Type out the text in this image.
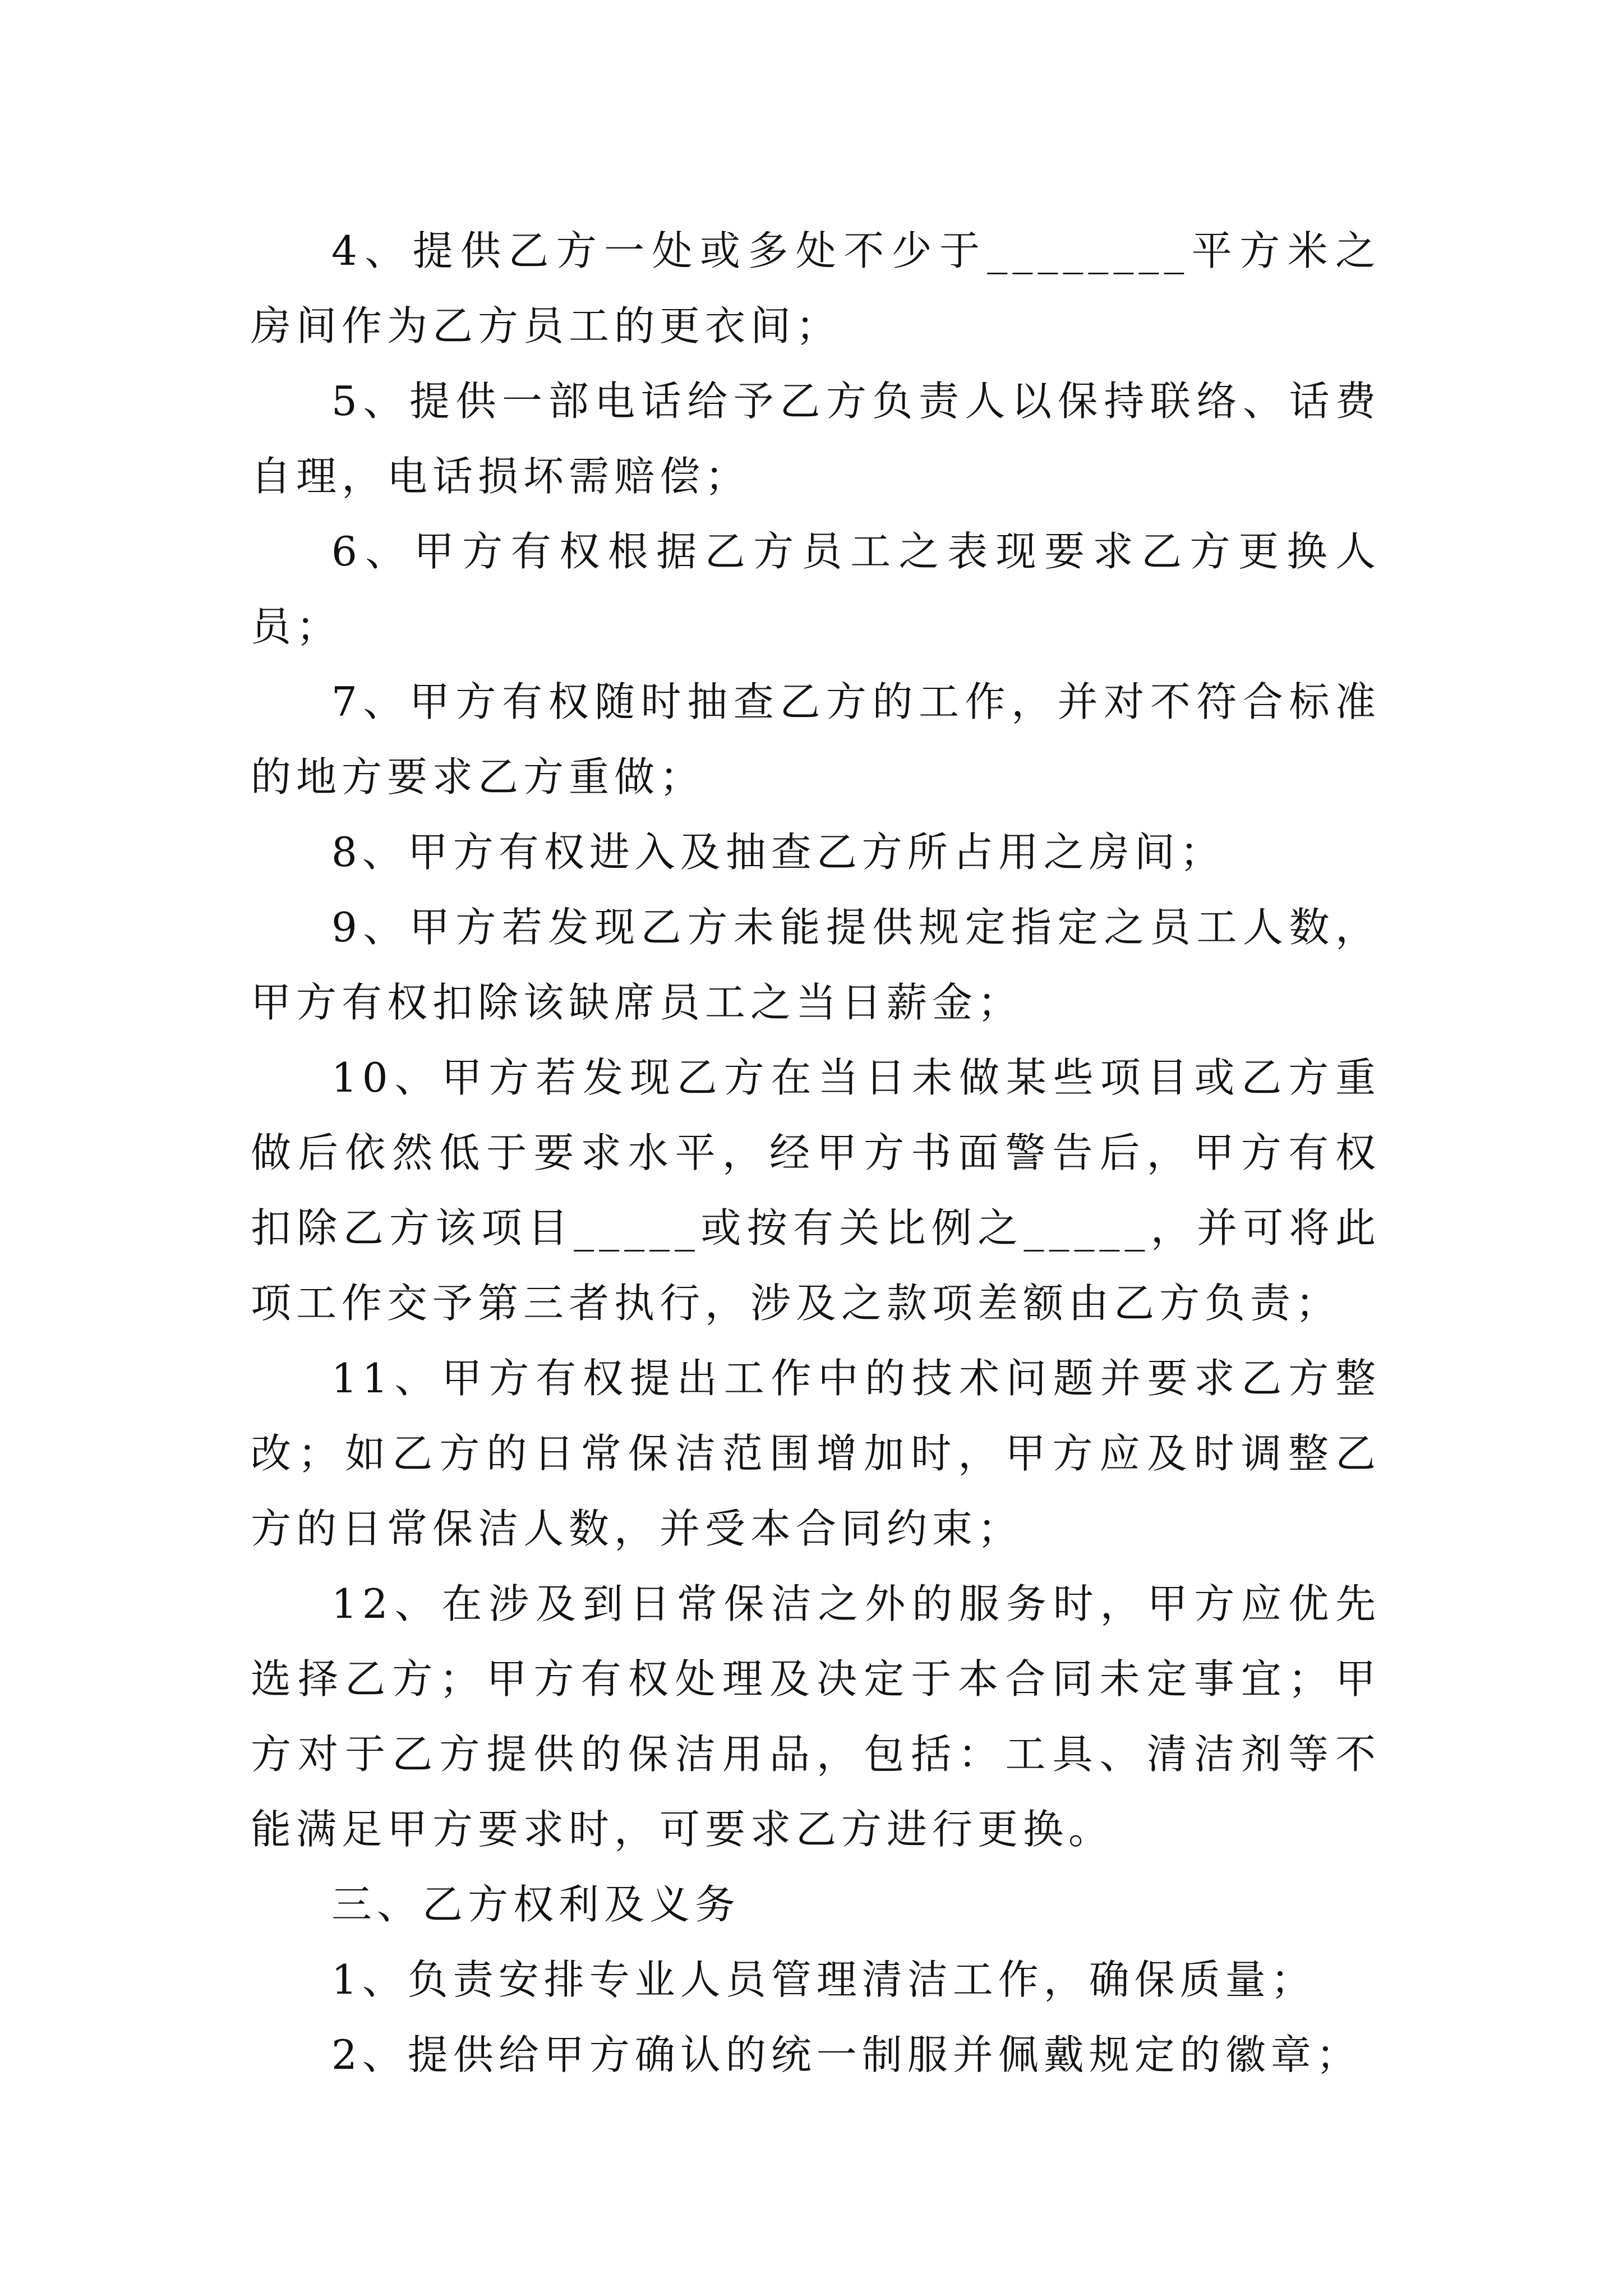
4、提供乙方一处或多处不少于________平方米之房间作为乙方员工的更衣间；

5、提供一部电话给予乙方负责人以保持联络、话费自理，电话损坏需赔偿；

6、甲方有权根据乙方员工之表现要求乙方更换人员；

7、甲方有权随时抽查乙方的工作，并对不符合标准的地方要求乙方重做；

8、甲方有权进入及抽查乙方所占用之房间；

9、甲方若发现乙方未能提供规定指定之员工人数，甲方有权扣除该缺席员工之当日薪金；

10、甲方若发现乙方在当日未做某些项目或乙方重做后依然低于要求水平，经甲方书面警告后，甲方有权扣除乙方该项目_____或按有关比例之_____，并可将此项工作交予第三者执行，涉及之款项差额由乙方负责；

11、甲方有权提出工作中的技术问题并要求乙方整改；如乙方的日常保洁范围增加时，甲方应及时调整乙方的日常保洁人数，并受本合同约束；

12、在涉及到日常保洁之外的服务时，甲方应优先选择乙方；甲方有权处理及决定于本合同未定事宜；甲方对于乙方提供的保洁用品，包括：工具、清洁剂等不能满足甲方要求时，可要求乙方进行更换。

三、乙方权利及义务

1、负责安排专业人员管理清洁工作，确保质量；

2、提供给甲方确认的统一制服并佩戴规定的徽章；
